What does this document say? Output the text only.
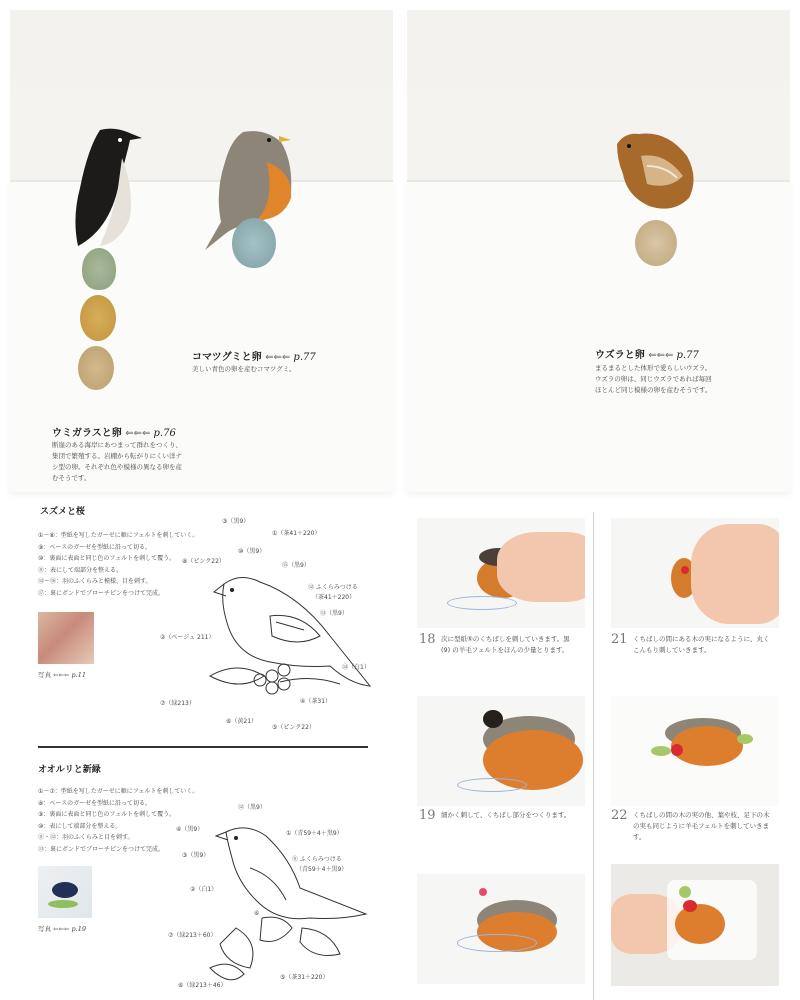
コマツグミと卵 ⇐⇐⇐ p.77
美しい青色の卵を産むコマツグミ。
ウミガラスと卵 ⇐⇐⇐ p.76
断崖のある海岸にあつまって群れをつくり、
集団で繁殖する。岩棚から転がりにくい洋ナ
シ型の卵。それぞれ色や模様の異なる卵を産
むそうです。
ウズラと卵 ⇐⇐⇐ p.77
まるまるとした体形で愛らしいウズラ。
ウズラの卵は、同じウズラであれば毎回
ほとんど同じ模様の卵を産むそうです。
スズメと桜
①〜⑧：型紙を写したガーゼに順にフェルトを刺していく。
⑨：ベースのガーゼを型紙に沿って切る。
⑩：裏面に表面と同じ色のフェルトを刺して覆う。
⑪：表にして端部分を整える。
⑫〜⑯：羽のふくらみと模様、目を刺す。
⑰：裏にボンドでブローチピンをつけて完成。
写真 ⇐⇐⇐ p.11
③（黒9）
①（茶41＋220）
⑩（黒9）
⑧（ピンク22）
⑮（黒9）
⑫ ふくらみつける
（茶41＋220）
⑬（黒9）
②（ベージュ 211）
⑭（白1）
④（茶31）
⑦（緑213）
⑥（黄21）
⑤（ピンク22）
オオルリと新緑
①〜⑦：型紙を写したガーゼに順にフェルトを刺していく。
⑧：ベースのガーゼを型紙に沿って切る。
⑨：裏面に表面と同じ色のフェルトを刺して覆う。
⑩：表にして端部分を整える。
⑪・⑫：羽のふくらみと目を刺す。
⑬：裏にボンドでブローチピンをつけて完成。
写真 ⇐⇐⇐ p.19
⑫（黒9）
④（黒9）
①（青59＋4＋黒9）
③（黒9）
⑪ ふくらみつける
（青59＋4＋黒9）
②（白1）
⑦（緑213＋60）
⑥（緑213＋46）
⑤（茶31＋220）
⑥
18 次に型紙⑤のくちばしを刺していきます。黒
(9) の羊毛フェルトをほんの少量とります。
21 くちばしの間にある木の実になるように、丸く
こんもり刺していきます。
19 細かく刺して、くちばし部分をつくります。	22 くちばしの間の木の実の他、葉や枝、足下の木
の実も同じように羊毛フェルトを刺していきま
す。
